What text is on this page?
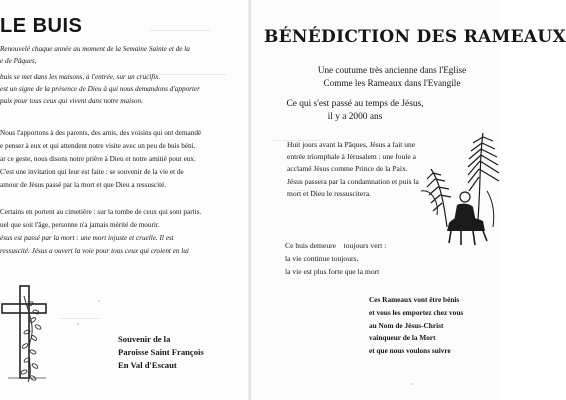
LE BUIS

Renouvelé chaque année au moment de la Semaine Sainte et de la

e de Pâques,

buis se met dans les maisons, à l'entrée, sur un crucifix.

est un signe de la présence de Dieu à qui nous demandons d'apporter

paix pour tous ceux qui vivent dans notre maison.

Nous l'apportons à des parents, des amis, des voisins qui ont demandé

e penser à eux et qui attendent notre visite avec un peu de buis béni.

ar ce geste, nous disons notre prière à Dieu et notre amitié pour eux.

C'est une invitation qui leur est faite : se souvenir de la vie et de

amour de Jésus passé par la mort et que Dieu a ressuscité.

Certains en portent au cimetière : sur la tombe de ceux qui sont partis.

uel que soit l'âge, personne n'a jamais mérité de mourir.

ésus est passé par la mort : une mort injuste et cruelle. Il est

ressuscité. Jésus a ouvert la voie pour tous ceux qui croient en lui

Souvenir de la
Paroisse Saint François
En Val d'Escaut
BÉNÉDICTION DES RAMEAUX
Une coutume très ancienne dans l'Eglise
Comme les Rameaux dans l'Evangile
Ce qui s'est passé au temps de Jésus,
il y a 2000 ans
Huit jours avant la Pâques, Jésus a fait une
entrée triomphale à Jérusalem : une foule a
acclamé Jésus comme Prince de la Paix.
Jésus passera par la condamnation et puis la
mort et Dieu le ressuscitera.
Ce buis demeure    toujours vert :
la vie continue toujours,
la vie est plus forte que la mort
Ces Rameaux vont être bénis
et vous les emportez chez vous
au Nom de Jésus-Christ
vainqueur de la Mort
et que nous voulons suivre
